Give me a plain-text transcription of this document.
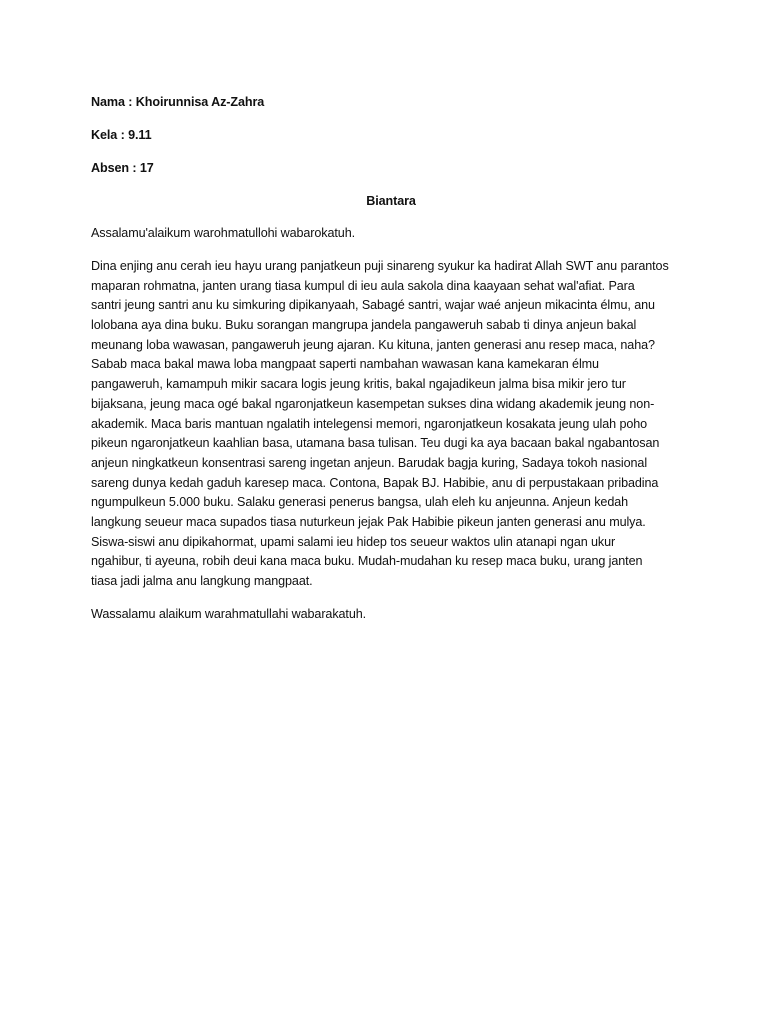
Nama : Khoirunnisa Az-Zahra
Kela : 9.11
Absen : 17
Biantara
Assalamu'alaikum warohmatullohi wabarokatuh.
Dina enjing anu cerah ieu hayu urang panjatkeun puji sinareng syukur ka hadirat Allah SWT anu parantos
maparan rohmatna, janten urang tiasa kumpul di ieu aula sakola dina kaayaan sehat wal'afiat. Para
santri jeung santri anu ku simkuring dipikanyaah, Sabagé santri, wajar waé anjeun mikacinta élmu, anu
lolobana aya dina buku. Buku sorangan mangrupa jandela pangaweruh sabab ti dinya anjeun bakal
meunang loba wawasan, pangaweruh jeung ajaran. Ku kituna, janten generasi anu resep maca, naha?
Sabab maca bakal mawa loba mangpaat saperti nambahan wawasan kana kamekaran élmu
pangaweruh, kamampuh mikir sacara logis jeung kritis, bakal ngajadikeun jalma bisa mikir jero tur
bijaksana, jeung maca ogé bakal ngaronjatkeun kasempetan sukses dina widang akademik jeung non-
akademik. Maca baris mantuan ngalatih intelegensi memori, ngaronjatkeun kosakata jeung ulah poho
pikeun ngaronjatkeun kaahlian basa, utamana basa tulisan. Teu dugi ka aya bacaan bakal ngabantosan
anjeun ningkatkeun konsentrasi sareng ingetan anjeun. Barudak bagja kuring, Sadaya tokoh nasional
sareng dunya kedah gaduh karesep maca. Contona, Bapak BJ. Habibie, anu di perpustakaan pribadina
ngumpulkeun 5.000 buku. Salaku generasi penerus bangsa, ulah eleh ku anjeunna. Anjeun kedah
langkung seueur maca supados tiasa nuturkeun jejak Pak Habibie pikeun janten generasi anu mulya.
Siswa-siswi anu dipikahormat, upami salami ieu hidep tos seueur waktos ulin atanapi ngan ukur
ngahibur, ti ayeuna, robih deui kana maca buku. Mudah-mudahan ku resep maca buku, urang janten
tiasa jadi jalma anu langkung mangpaat.
Wassalamu alaikum warahmatullahi wabarakatuh.
